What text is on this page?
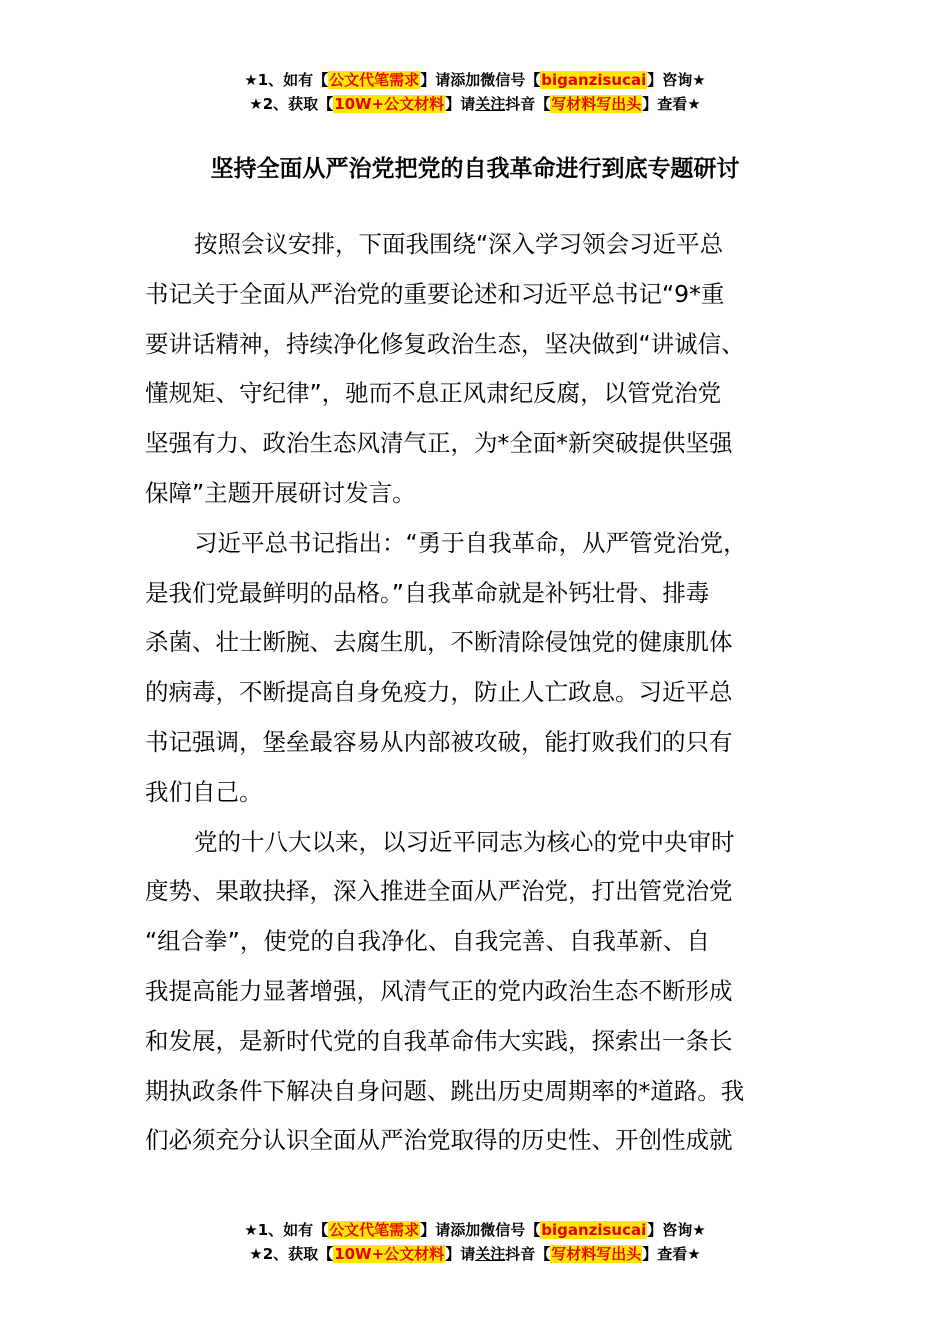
★1、如有【公文代笔需求】请添加微信号【biganzisucai】咨询★
★2、获取【10W+公文材料】请关注抖音【写材料写出头】查看★
坚持全面从严治党把党的自我革命进行到底专题研讨
按照会议安排，下面我围绕“深入学习领会习近平总
书记关于全面从严治党的重要论述和习近平总书记“9*重
要讲话精神，持续净化修复政治生态，坚决做到“讲诚信、
懂规矩、守纪律”，驰而不息正风肃纪反腐，以管党治党
坚强有力、政治生态风清气正，为*全面*新突破提供坚强
保障”主题开展研讨发言。
习近平总书记指出：“勇于自我革命，从严管党治党，
是我们党最鲜明的品格。”自我革命就是补钙壮骨、排毒
杀菌、壮士断腕、去腐生肌，不断清除侵蚀党的健康肌体
的病毒，不断提高自身免疫力，防止人亡政息。习近平总
书记强调，堡垒最容易从内部被攻破，能打败我们的只有
我们自己。
党的十八大以来，以习近平同志为核心的党中央审时
度势、果敢抉择，深入推进全面从严治党，打出管党治党
“组合拳”，使党的自我净化、自我完善、自我革新、自
我提高能力显著增强，风清气正的党内政治生态不断形成
和发展，是新时代党的自我革命伟大实践，探索出一条长
期执政条件下解决自身问题、跳出历史周期率的*道路。我
们必须充分认识全面从严治党取得的历史性、开创性成就
★1、如有【公文代笔需求】请添加微信号【biganzisucai】咨询★
★2、获取【10W+公文材料】请关注抖音【写材料写出头】查看★
